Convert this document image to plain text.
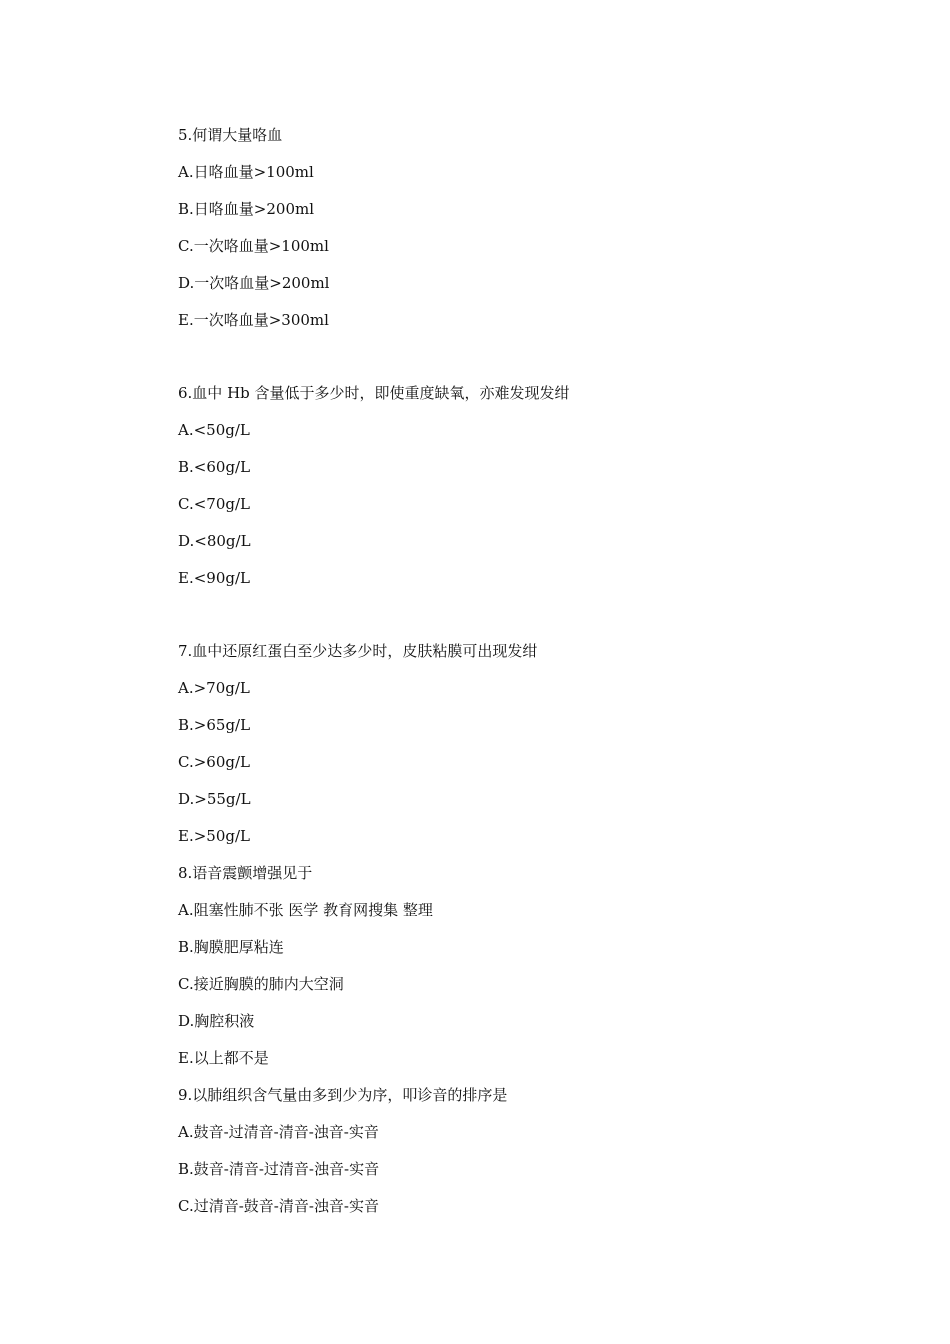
5.何谓大量咯血
A.日咯血量>100ml
B.日咯血量>200ml
C.一次咯血量>100ml
D.一次咯血量>200ml
E.一次咯血量>300ml
6.血中 Hb 含量低于多少时，即使重度缺氧，亦难发现发绀
A.<50g/L
B.<60g/L
C.<70g/L
D.<80g/L
E.<90g/L
7.血中还原红蛋白至少达多少时，皮肤粘膜可出现发绀
A.>70g/L
B.>65g/L
C.>60g/L
D.>55g/L
E.>50g/L
8.语音震颤增强见于
A.阻塞性肺不张 医学 教育网搜集 整理
B.胸膜肥厚粘连
C.接近胸膜的肺内大空洞
D.胸腔积液
E.以上都不是
9.以肺组织含气量由多到少为序，叩诊音的排序是
A.鼓音-过清音-清音-浊音-实音
B.鼓音-清音-过清音-浊音-实音
C.过清音-鼓音-清音-浊音-实音
